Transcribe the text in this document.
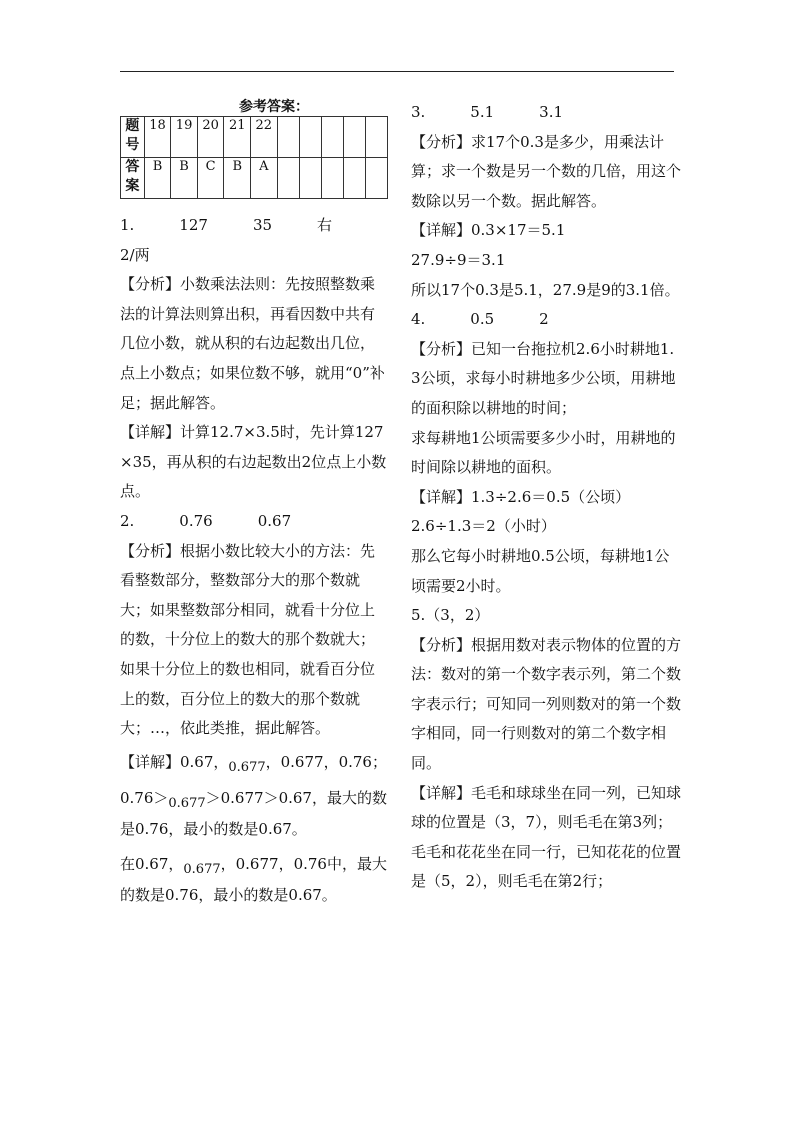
参考答案：

题号	18	19	20	21	22					
答案	B	B	C	B	A					

1.　　　127　　　35　　　右　　　2/两

【分析】小数乘法法则：先按照整数乘法的计算法则算出积，再看因数中共有几位小数，就从积的右边起数出几位，点上小数点；如果位数不够，就用“0”补足；据此解答。

【详解】计算12.7×3.5时，先计算127×35，再从积的右边起数出2位点上小数点。

2.　　　0.76　　　0.67

【分析】根据小数比较大小的方法：先看整数部分，整数部分大的那个数就大；如果整数部分相同，就看十分位上的数，十分位上的数大的那个数就大；如果十分位上的数也相同，就看百分位上的数，百分位上的数大的那个数就大；…，依此类推，据此解答。

【详解】0.67，0.677，0.677，0.76；

0.76＞0.677＞0.677＞0.67，最大的数是0.76，最小的数是0.67。

在0.67，0.677，0.677，0.76中，最大的数是0.76，最小的数是0.67。

3.　　　5.1　　　3.1

【分析】求17个0.3是多少，用乘法计算；求一个数是另一个数的几倍，用这个数除以另一个数。据此解答。

【详解】0.3×17＝5.1

27.9÷9＝3.1

所以17个0.3是5.1，27.9是9的3.1倍。

4.　　　0.5　　　2

【分析】已知一台拖拉机2.6小时耕地1.3公顷，求每小时耕地多少公顷，用耕地的面积除以耕地的时间；

求每耕地1公顷需要多少小时，用耕地的时间除以耕地的面积。

【详解】1.3÷2.6＝0.5（公顷）

2.6÷1.3＝2（小时）

那么它每小时耕地0.5公顷，每耕地1公顷需要2小时。

5.（3，2）

【分析】根据用数对表示物体的位置的方法：数对的第一个数字表示列，第二个数字表示行；可知同一列则数对的第一个数字相同，同一行则数对的第二个数字相同。

【详解】毛毛和球球坐在同一列，已知球球的位置是（3，7），则毛毛在第3列；

毛毛和花花坐在同一行，已知花花的位置是（5，2），则毛毛在第2行；
